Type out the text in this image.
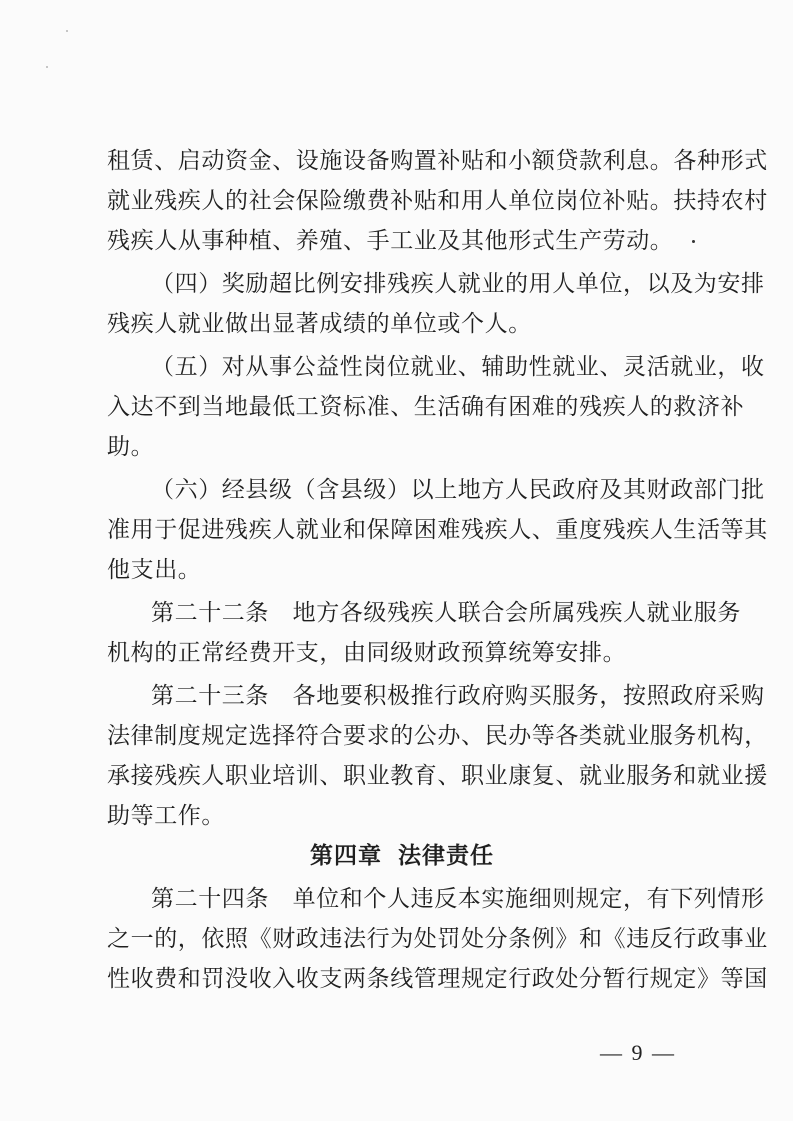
租赁、启动资金、设施设备购置补贴和小额贷款利息。各种形式
就业残疾人的社会保险缴费补贴和用人单位岗位补贴。扶持农村
残疾人从事种植、养殖、手工业及其他形式生产劳动。
（四）奖励超比例安排残疾人就业的用人单位，以及为安排
残疾人就业做出显著成绩的单位或个人。
（五）对从事公益性岗位就业、辅助性就业、灵活就业，收
入达不到当地最低工资标准、生活确有困难的残疾人的救济补
助。
（六）经县级（含县级）以上地方人民政府及其财政部门批
准用于促进残疾人就业和保障困难残疾人、重度残疾人生活等其
他支出。
第二十二条　地方各级残疾人联合会所属残疾人就业服务
机构的正常经费开支，由同级财政预算统筹安排。
第二十三条　各地要积极推行政府购买服务，按照政府采购
法律制度规定选择符合要求的公办、民办等各类就业服务机构，
承接残疾人职业培训、职业教育、职业康复、就业服务和就业援
助等工作。
第四章 法律责任
第二十四条　单位和个人违反本实施细则规定，有下列情形
之一的，依照《财政违法行为处罚处分条例》和《违反行政事业
性收费和罚没收入收支两条线管理规定行政处分暂行规定》等国
— 9 —
